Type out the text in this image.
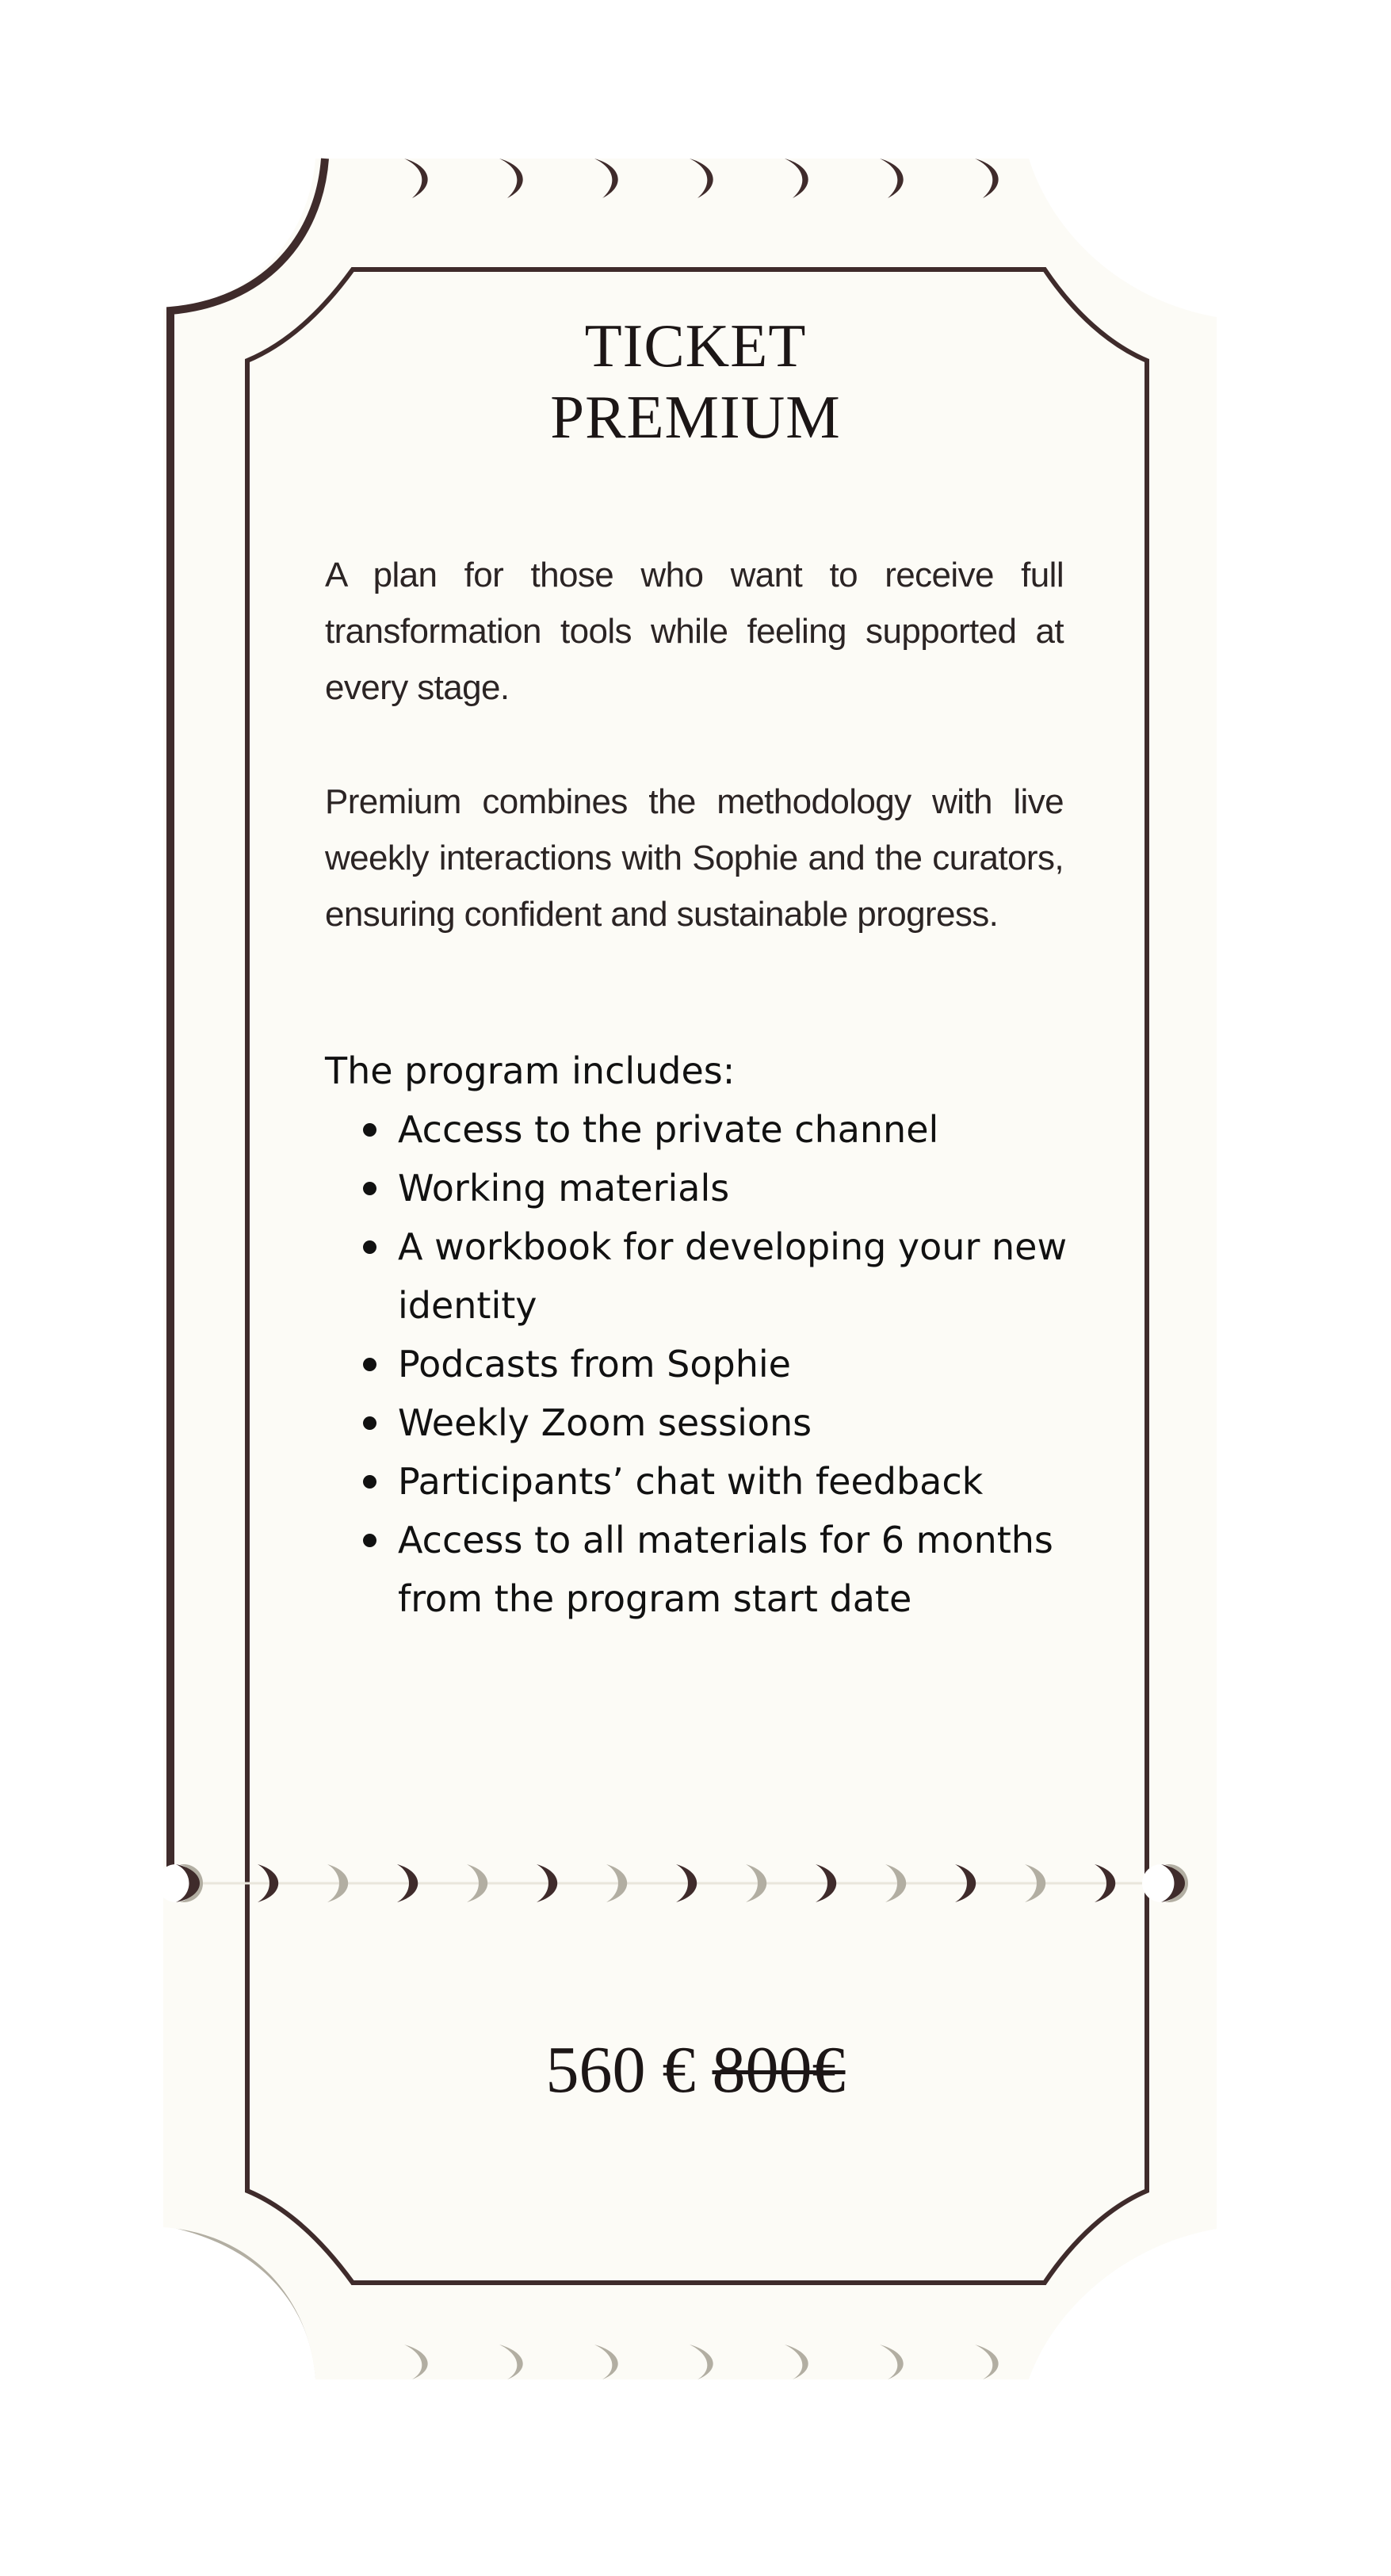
TICKET
PREMIUM

A plan for those who want to receive full transformation tools while feeling supported at every stage.

Premium combines the methodology with live weekly interactions with Sophie and the curators, ensuring confident and sustainable progress.

The program includes:

Access to the private channel
Working materials
A workbook for developing your new identity
Podcasts from Sophie
Weekly Zoom sessions
Participants’ chat with feedback
Access to all materials for 6 months from the program start date
560 € 800€
